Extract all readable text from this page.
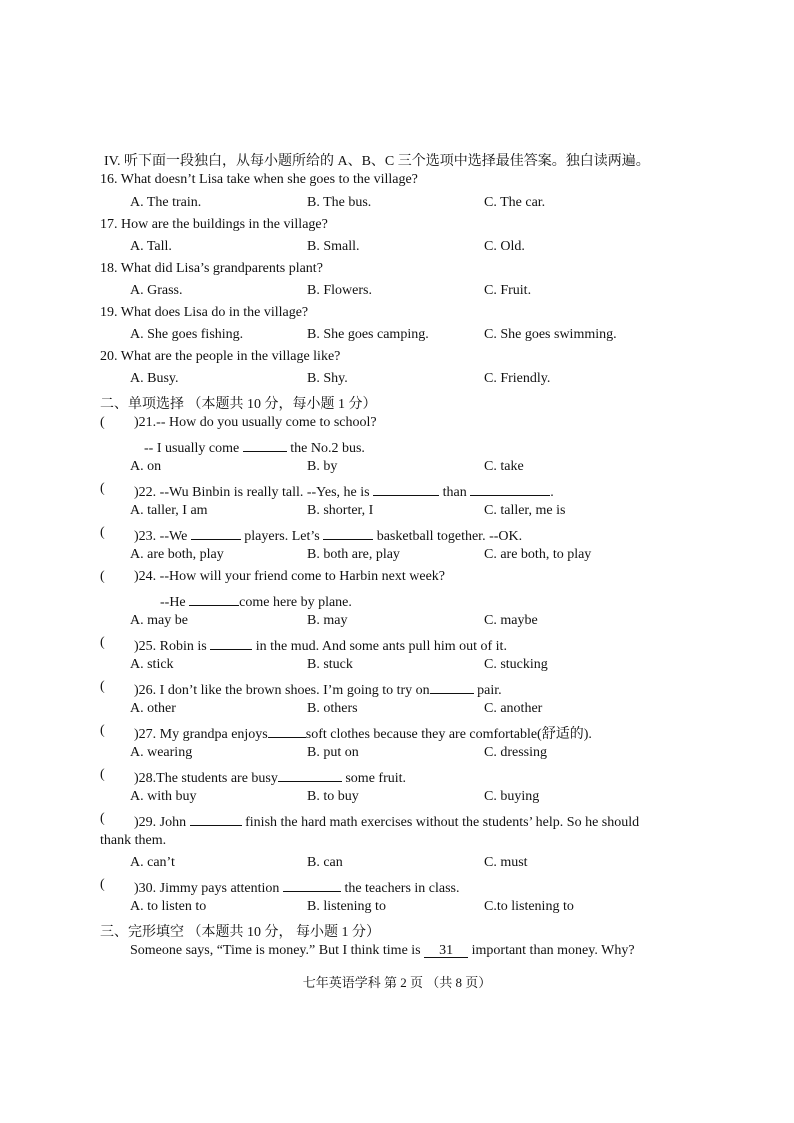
IV. 听下面一段独白，从每小题所给的 A、B、C 三个选项中选择最佳答案。独白读两遍。
16. What doesn’t Lisa take when she goes to the village?
A. The train.	B. The bus.	C. The car.
17. How are the buildings in the village?
A. Tall.	B. Small.	C. Old.
18. What did Lisa’s grandparents plant?
A. Grass.	B. Flowers.	C. Fruit.
19. What does Lisa do in the village?
A. She goes fishing.	B. She goes camping.	C. She goes swimming.
20. What are the people in the village like?
A. Busy.	B. Shy.	C. Friendly.
二、单项选择 （本题共 10 分，每小题 1 分）
( )21.-- How do you usually come to school?
-- I usually come	the No.2 bus.
A. on	B. by	C. take
( )22. --Wu Binbin is really tall. --Yes, he is	than	.
A. taller, I am	B. shorter, I	C. taller, me is
( )23. --We	players. Let’s	basketball together. --OK.
A. are both, play	B. both are, play	C. are both, to play
( )24. --How will your friend come to Harbin next week?
--He	come here by plane.
A. may be	B. may	C. maybe
( )25. Robin is	in the mud. And some ants pull him out of it.
A. stick	B. stuck	C. stucking
( )26. I don’t like the brown shoes. I’m going to try on	pair.
A. other	B. others	C. another
( )27. My grandpa enjoys	soft clothes because they are comfortable(舒适的).
A. wearing	B. put on	C. dressing
( )28.The students are busy	some fruit.
A. with buy	B. to buy	C. buying
( )29. John	finish the hard math exercises without the students’ help. So he should
thank them.
A. can’t	B. can	C. must
( )30. Jimmy pays attention	the teachers in class.
A. to listen to	B. listening to	C.to listening to
三、完形填空 （本题共 10 分， 每小题 1 分）
Someone says, “Time is money.” But I think time is 31 important than money. Why?
七年英语学科 第 2 页 （共 8 页）
